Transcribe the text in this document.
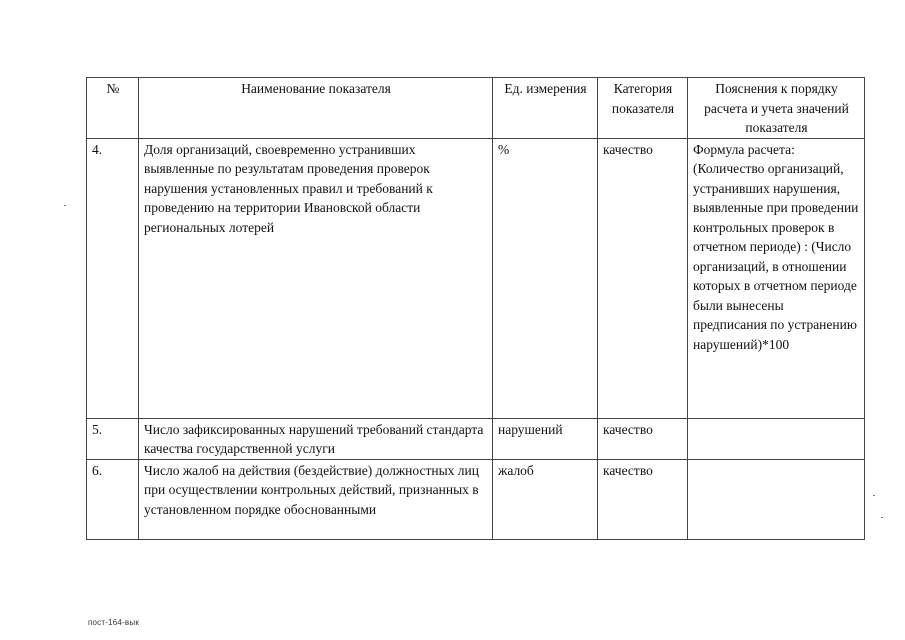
№	Наименование показателя	Ед. измерения	Категория показателя	Пояснения к порядку расчета и учета значений показателя
4.	Доля организаций, своевременно устранивших выявленные по результатам проведения проверок нарушения установленных правил и требований к проведению на территории Ивановской области региональных лотерей	%	качество	Формула расчета: (Количество организаций, устранивших нарушения, выявленные при проведении контрольных проверок в отчетном периоде) : (Число организаций, в отношении которых в отчетном периоде были вынесены предписания по устранению нарушений)*100
5.	Число зафиксированных нарушений требований стандарта качества государственной услуги	нарушений	качество	
6.	Число жалоб на действия (бездействие) должностных лиц при осуществлении контрольных действий, признанных в установленном порядке обоснованными	жалоб	качество	
пост-164-вык
